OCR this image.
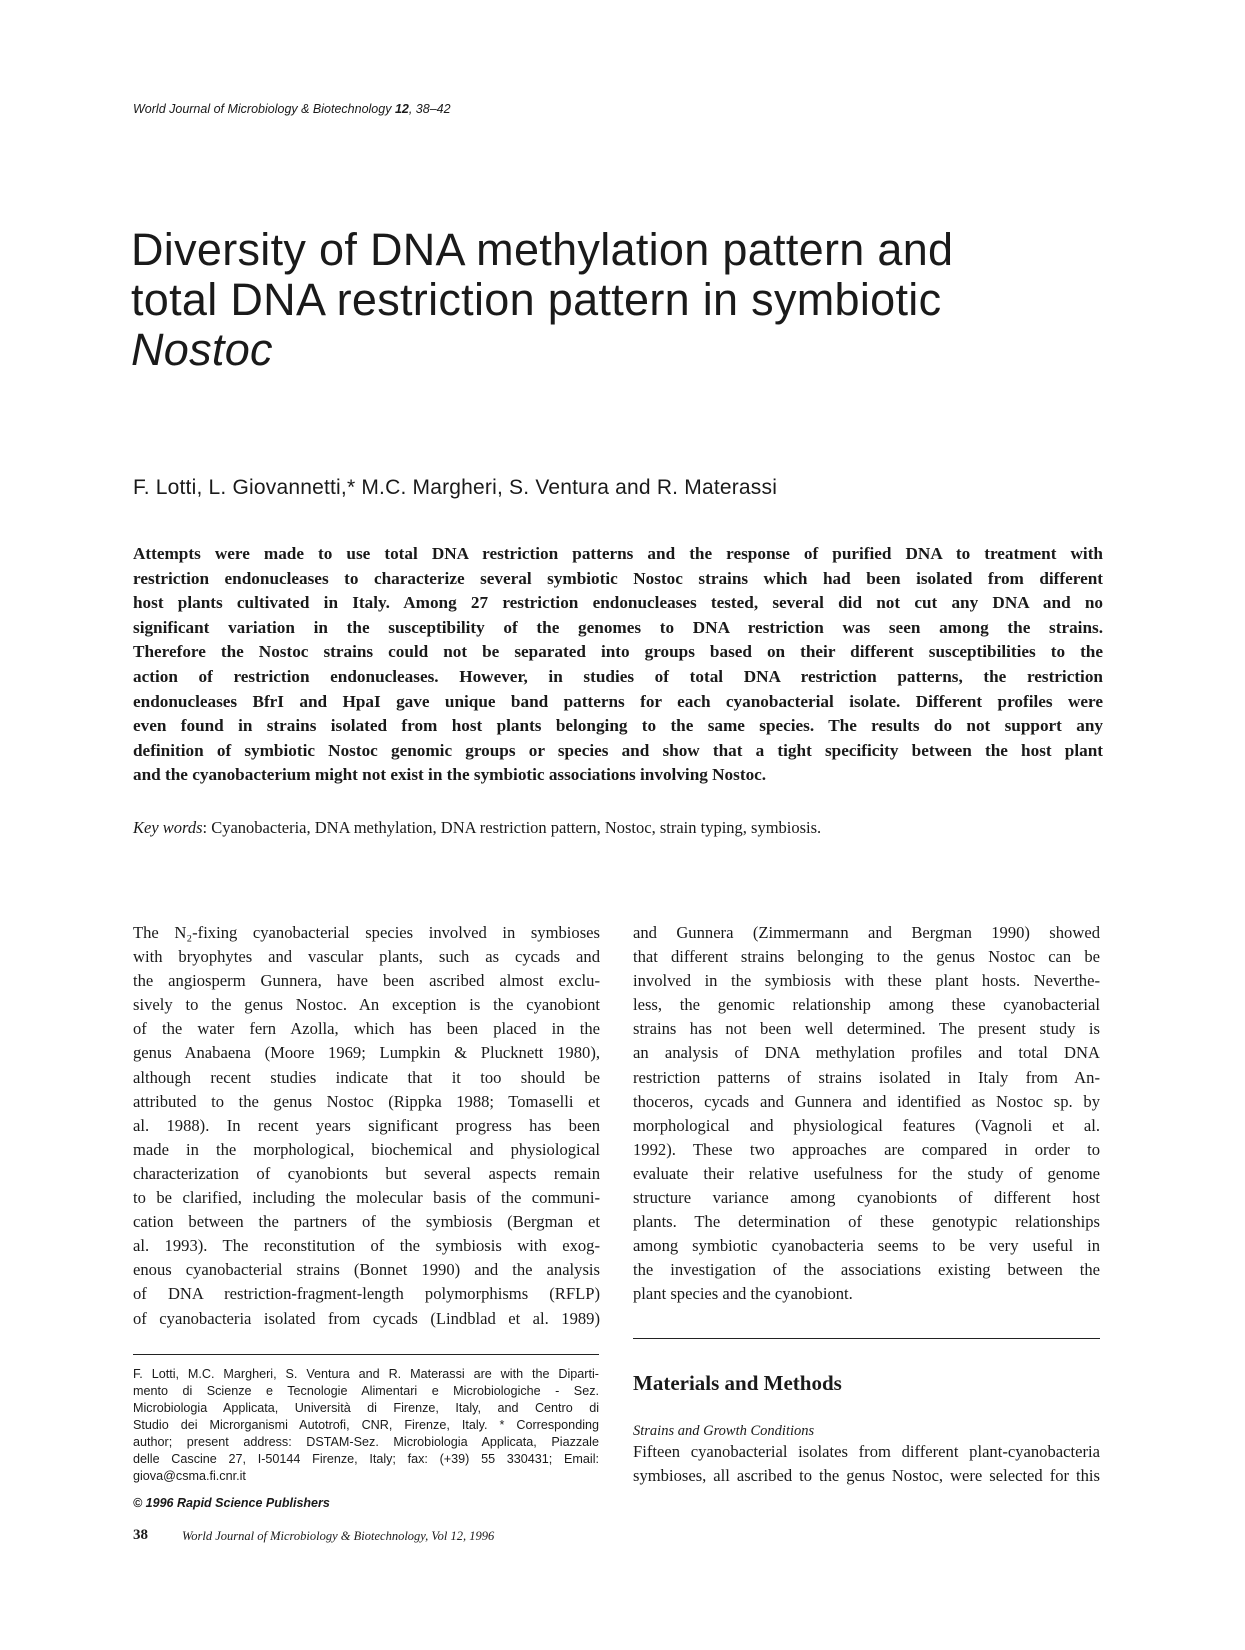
World Journal of Microbiology & Biotechnology 12, 38–42
Diversity of DNA methylation pattern and
total DNA restriction pattern in symbiotic
Nostoc
F. Lotti, L. Giovannetti,* M.C. Margheri, S. Ventura and R. Materassi

Attempts were made to use total DNA restriction patterns and the response of purified DNA to treatment with
restriction endonucleases to characterize several symbiotic Nostoc strains which had been isolated from different
host plants cultivated in Italy. Among 27 restriction endonucleases tested, several did not cut any DNA and no
significant variation in the susceptibility of the genomes to DNA restriction was seen among the strains.
Therefore the Nostoc strains could not be separated into groups based on their different susceptibilities to the
action of restriction endonucleases. However, in studies of total DNA restriction patterns, the restriction
endonucleases BfrI and HpaI gave unique band patterns for each cyanobacterial isolate. Different profiles were
even found in strains isolated from host plants belonging to the same species. The results do not support any
definition of symbiotic Nostoc genomic groups or species and show that a tight specificity between the host plant
and the cyanobacterium might not exist in the symbiotic associations involving Nostoc.

Key words: Cyanobacteria, DNA methylation, DNA restriction pattern, Nostoc, strain typing, symbiosis.

The N₂-fixing cyanobacterial species involved in symbioses
with bryophytes and vascular plants, such as cycads and
the angiosperm Gunnera, have been ascribed almost exclu-
sively to the genus Nostoc. An exception is the cyanobiont
of the water fern Azolla, which has been placed in the
genus Anabaena (Moore 1969; Lumpkin & Plucknett 1980),
although recent studies indicate that it too should be
attributed to the genus Nostoc (Rippka 1988; Tomaselli et
al. 1988). In recent years significant progress has been
made in the morphological, biochemical and physiological
characterization of cyanobionts but several aspects remain
to be clarified, including the molecular basis of the communi-
cation between the partners of the symbiosis (Bergman et
al. 1993). The reconstitution of the symbiosis with exog-
enous cyanobacterial strains (Bonnet 1990) and the analysis
of DNA restriction-fragment-length polymorphisms (RFLP)
of cyanobacteria isolated from cycads (Lindblad et al. 1989)

and Gunnera (Zimmermann and Bergman 1990) showed
that different strains belonging to the genus Nostoc can be
involved in the symbiosis with these plant hosts. Neverthe-
less, the genomic relationship among these cyanobacterial
strains has not been well determined. The present study is
an analysis of DNA methylation profiles and total DNA
restriction patterns of strains isolated in Italy from An-
thoceros, cycads and Gunnera and identified as Nostoc sp. by
morphological and physiological features (Vagnoli et al.
1992). These two approaches are compared in order to
evaluate their relative usefulness for the study of genome
structure variance among cyanobionts of different host
plants. The determination of these genotypic relationships
among symbiotic cyanobacteria seems to be very useful in
the investigation of the associations existing between the
plant species and the cyanobiont.

F. Lotti, M.C. Margheri, S. Ventura and R. Materassi are with the Diparti-
mento di Scienze e Tecnologie Alimentari e Microbiologiche - Sez.
Microbiologia Applicata, Università di Firenze, Italy, and Centro di
Studio dei Microrganismi Autotrofi, CNR, Firenze, Italy. * Corresponding
author; present address: DSTAM-Sez. Microbiologia Applicata, Piazzale
delle Cascine 27, I-50144 Firenze, Italy; fax: (+39) 55 330431; Email:
giova@csma.fi.cnr.it

© 1996 Rapid Science Publishers
38	World Journal of Microbiology & Biotechnology, Vol 12, 1996
Materials and Methods
Strains and Growth Conditions

Fifteen cyanobacterial isolates from different plant-cyanobacteria
symbioses, all ascribed to the genus Nostoc, were selected for this
